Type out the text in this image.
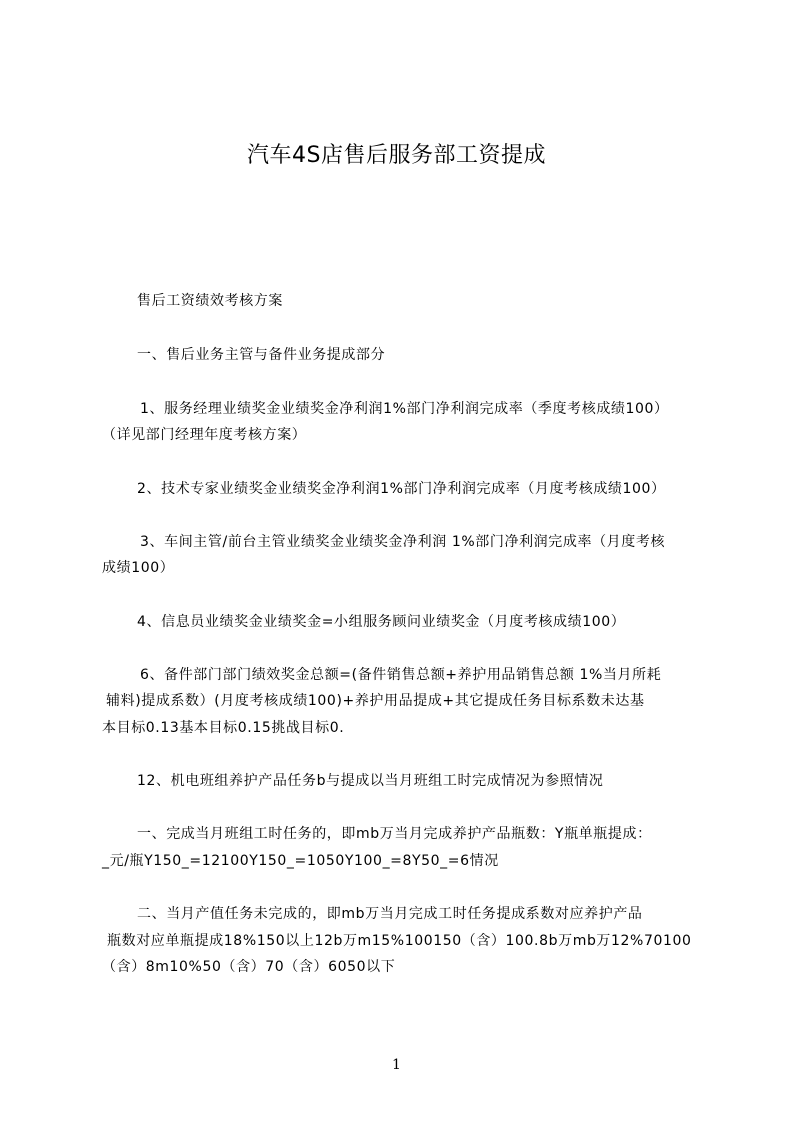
汽车4S店售后服务部工资提成
售后工资绩效考核方案
一、售后业务主管与备件业务提成部分
1、服务经理业绩奖金业绩奖金净利润1%部门净利润完成率（季度考核成绩100）
（详见部门经理年度考核方案）
2、技术专家业绩奖金业绩奖金净利润1%部门净利润完成率（月度考核成绩100）
3、车间主管/前台主管业绩奖金业绩奖金净利润 1%部门净利润完成率（月度考核
成绩100）
4、信息员业绩奖金业绩奖金=小组服务顾问业绩奖金（月度考核成绩100）
6、备件部门部门绩效奖金总额=(备件销售总额+养护用品销售总额 1%当月所耗
辅料)提成系数）(月度考核成绩100)+养护用品提成+其它提成任务目标系数未达基
本目标0.13基本目标0.15挑战目标0.
12、机电班组养护产品任务b与提成以当月班组工时完成情况为参照情况
一、完成当月班组工时任务的，即mb万当月完成养护产品瓶数：Y瓶单瓶提成：
_元/瓶Y150_=12100Y150_=1050Y100_=8Y50_=6情况
二、当月产值任务未完成的，即mb万当月完成工时任务提成系数对应养护产品
瓶数对应单瓶提成18%150以上12b万m15%100150（含）100.8b万mb万12%70100
（含）8m10%50（含）70（含）6050以下
1
